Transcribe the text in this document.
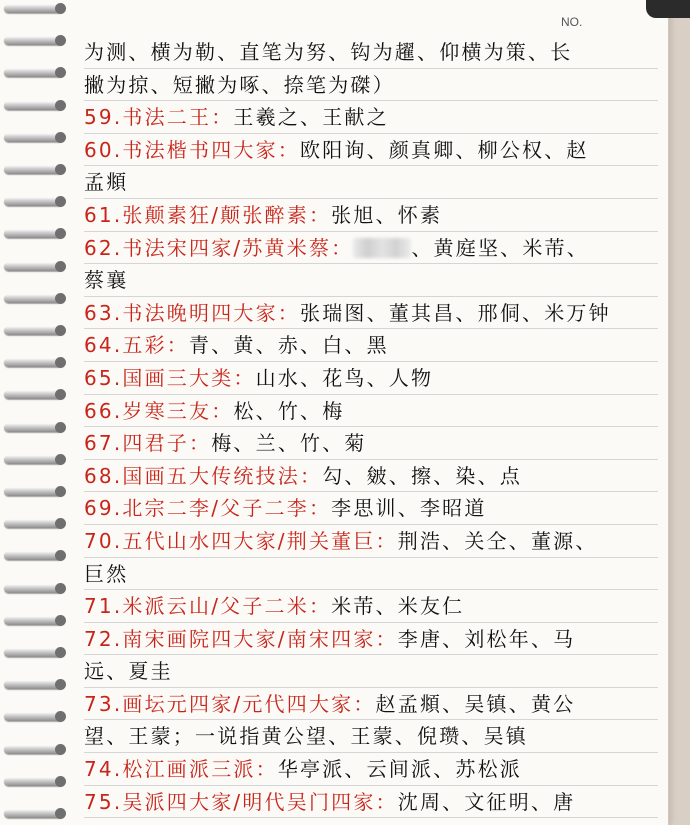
NO.
为测、横为勒、直笔为努、钩为趯、仰横为策、长
撇为掠、短撇为啄、捺笔为磔）
59.书法二王：王羲之、王献之
60.书法楷书四大家：欧阳询、颜真卿、柳公权、赵
孟頫
61.张颠素狂/颠张醉素：张旭、怀素
62.书法宋四家/苏黄米蔡：	、黄庭坚、米芾、
蔡襄
63.书法晚明四大家：张瑞图、董其昌、邢侗、米万钟
64.五彩：青、黄、赤、白、黑
65.国画三大类：山水、花鸟、人物
66.岁寒三友：松、竹、梅
67.四君子：梅、兰、竹、菊
68.国画五大传统技法：勾、皴、擦、染、点
69.北宗二李/父子二李：李思训、李昭道
70.五代山水四大家/荆关董巨：荆浩、关仝、董源、
巨然
71.米派云山/父子二米：米芾、米友仁
72.南宋画院四大家/南宋四家：李唐、刘松年、马
远、夏圭
73.画坛元四家/元代四大家：赵孟頫、吴镇、黄公
望、王蒙；一说指黄公望、王蒙、倪瓒、吴镇
74.松江画派三派：华亭派、云间派、苏松派
75.吴派四大家/明代吴门四家：沈周、文征明、唐
